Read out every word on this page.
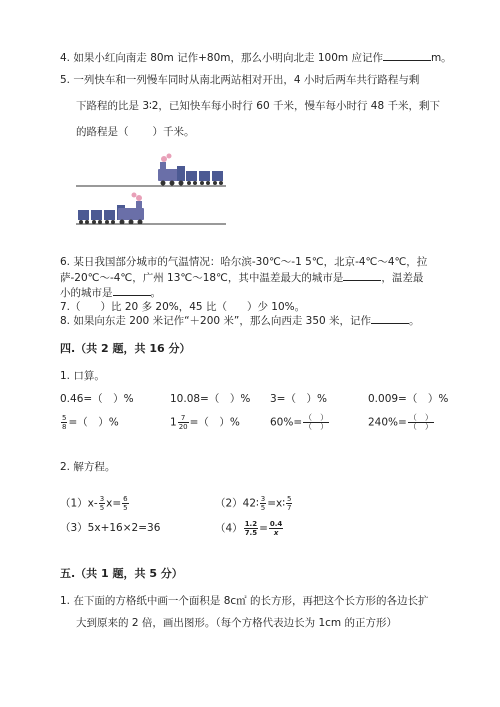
4. 如果小红向南走 80m 记作+80m，那么小明向北走 100m 应记作	m。
5. 一列快车和一列慢车同时从南北两站相对开出，4 小时后两车共行路程与剩
下路程的比是 3∶2，已知快车每小时行 60 千米，慢车每小时行 48 千米，剩下
的路程是（ ）千米。
6. 某日我国部分城市的气温情况：哈尔滨-30℃～-1 5℃，北京-4℃～4℃，拉
萨-20℃～-4℃，广州 13℃～18℃，其中温差最大的城市是	，温差最
小的城市是	。
7.（ ）比 20 多 20%，45 比（ ）少 10%。
8. 如果向东走 200 米记作“＋200 米”，那么向西走 350 米，记作	。
四.（共 2 题，共 16 分）
1. 口算。
0.46=（　）%	10.08=（　）% 3=（　）%	0.009=（　）%
$\frac{5}{8}$ =（　）%	$1 \frac{7}{20}$ =（　）%	$60\%= \frac{( )}{( )}$	$240\%= \frac{( )}{( )}$
2. 解方程。
$(1)x- \frac{3}{5} x= \frac{6}{5}$	（2）42∶ $\frac{3}{5}$ =x∶ $\frac{5}{7}$
（3）5x+16×2=36	$(4) \frac{1.2}{7.5} = \frac{0.4}{x}$
五.（共 1 题，共 5 分）
1. 在下面的方格纸中画一个面积是 8c㎡ 的长方形，再把这个长方形的各边长扩
大到原来的 2 倍，画出图形。（每个方格代表边长为 1cm 的正方形）
